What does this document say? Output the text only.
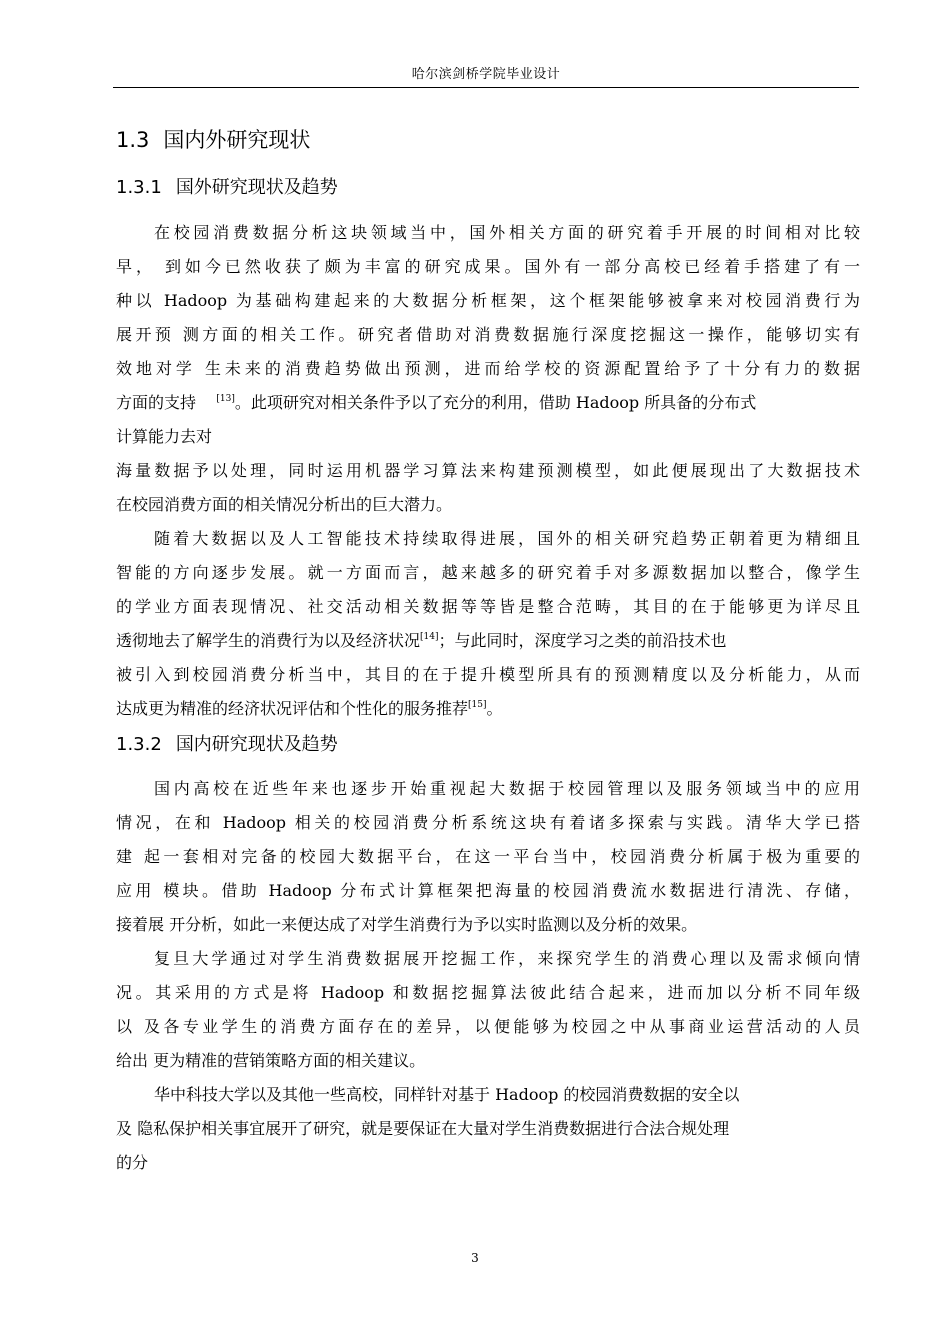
哈尔滨剑桥学院毕业设计
1.3 国内外研究现状
1.3.1 国外研究现状及趋势
在校园消费数据分析这块领域当中，国外相关方面的研究着手开展的时间相对比较
早， 到如今已然收获了颇为丰富的研究成果。国外有一部分高校已经着手搭建了有一
种以 Hadoop 为基础构建起来的大数据分析框架，这个框架能够被拿来对校园消费行为
展开预 测方面的相关工作。研究者借助对消费数据施行深度挖掘这一操作，能够切实有
效地对学 生未来的消费趋势做出预测，进而给学校的资源配置给予了十分有力的数据
方面的支持 [13]。此项研究对相关条件予以了充分的利用，借助 Hadoop 所具备的分布式
计算能力去对
海量数据予以处理，同时运用机器学习算法来构建预测模型，如此便展现出了大数据技术
在校园消费方面的相关情况分析出的巨大潜力。
随着大数据以及人工智能技术持续取得进展，国外的相关研究趋势正朝着更为精细且
智能的方向逐步发展。就一方面而言，越来越多的研究着手对多源数据加以整合，像学生
的学业方面表现情况、社交活动相关数据等等皆是整合范畴，其目的在于能够更为详尽且
透彻地去了解学生的消费行为以及经济状况[14]；与此同时，深度学习之类的前沿技术也
被引入到校园消费分析当中，其目的在于提升模型所具有的预测精度以及分析能力，从而
达成更为精准的经济状况评估和个性化的服务推荐[15]。
1.3.2 国内研究现状及趋势
国内高校在近些年来也逐步开始重视起大数据于校园管理以及服务领域当中的应用
情况，在和 Hadoop 相关的校园消费分析系统这块有着诸多探索与实践。清华大学已搭
建 起一套相对完备的校园大数据平台，在这一平台当中，校园消费分析属于极为重要的
应用 模块。借助 Hadoop 分布式计算框架把海量的校园消费流水数据进行清洗、存储，
接着展 开分析，如此一来便达成了对学生消费行为予以实时监测以及分析的效果。
复旦大学通过对学生消费数据展开挖掘工作，来探究学生的消费心理以及需求倾向情
况。其采用的方式是将 Hadoop 和数据挖掘算法彼此结合起来，进而加以分析不同年级
以 及各专业学生的消费方面存在的差异，以便能够为校园之中从事商业运营活动的人员
给出 更为精准的营销策略方面的相关建议。
华中科技大学以及其他一些高校，同样针对基于 Hadoop 的校园消费数据的安全以
及 隐私保护相关事宜展开了研究，就是要保证在大量对学生消费数据进行合法合规处理
的分
3
